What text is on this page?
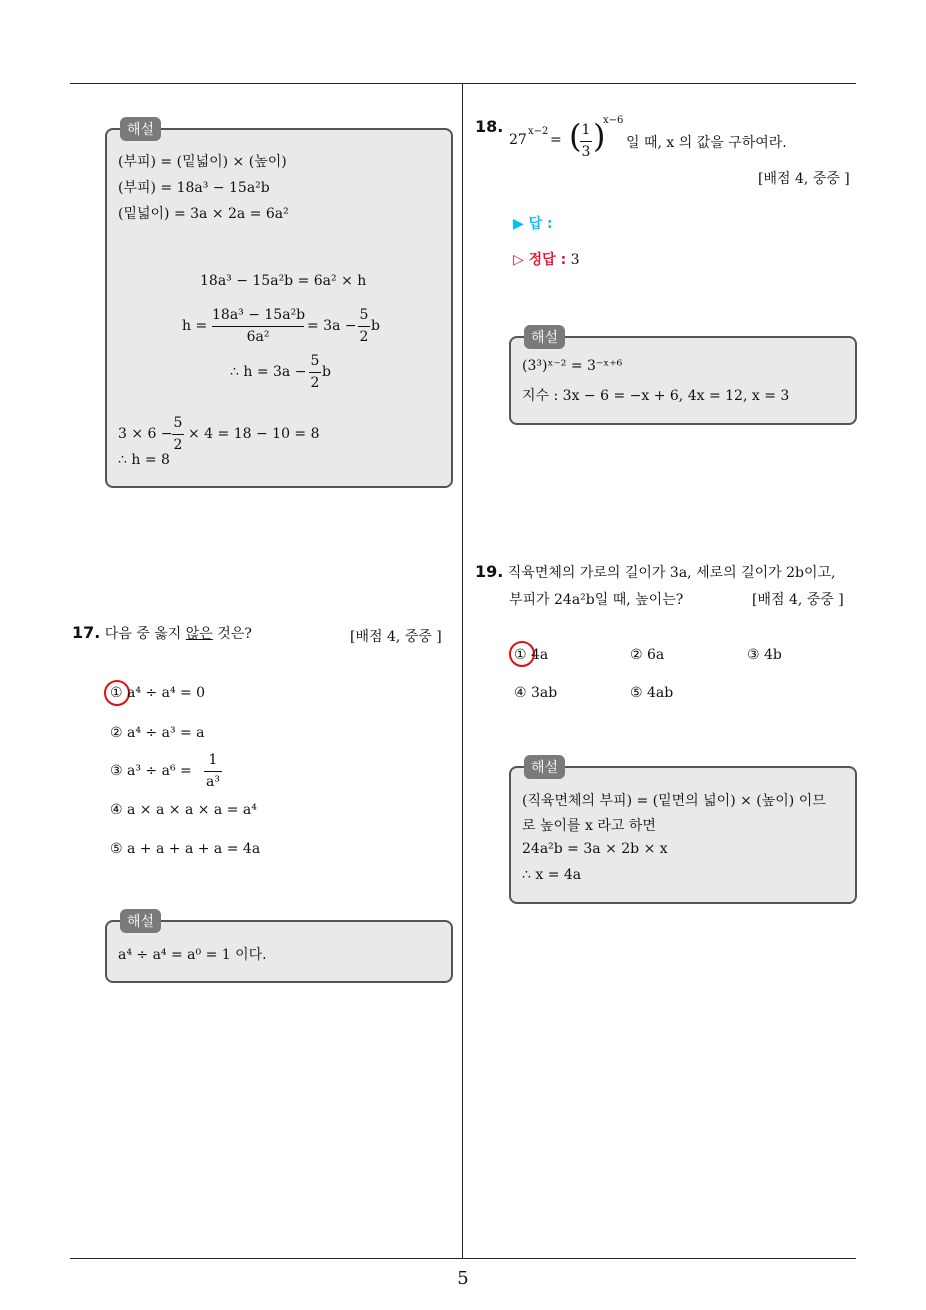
해설
(부피) = (밑넓이) × (높이)
(부피) = 18a³ − 15a²b
(밑넓이) = 3a × 2a = 6a²
18a³ − 15a²b = 6a² × h
h =
18a³ − 15a²b
6a²
= 3a −
5
2
b
∴ h = 3a −
5
2
b
3 × 6 −
5
2
× 4 = 18 − 10 = 8
∴ h = 8
17. 다음 중 옳지 않은 것은?	[배점 4, 중중 ]
① a⁴ ÷ a⁴ = 0
② a⁴ ÷ a³ = a
③ a³ ÷ a⁶ =
1
a³
④ a × a × a × a = a⁴
⑤ a + a + a + a = 4a
해설
a⁴ ÷ a⁴ = a⁰ = 1 이다.
18.
27
x−2
= ( 1
3 )
x−6
일 때, x 의 값을 구하여라.
[배점 4, 중중 ]
▶ 답 :
▷ 정답 : 3
해설
(3³)ˣ⁻² = 3⁻ˣ⁺⁶
지수 : 3x − 6 = −x + 6, 4x = 12, x = 3
19. 직육면체의 가로의 길이가 3a, 세로의 길이가 2b이고,
부피가 24a²b일 때, 높이는?	[배점 4, 중중 ]
① 4a	② 6a	③ 4b
④ 3ab	⑤ 4ab
해설
(직육면체의 부피) = (밑면의 넓이) × (높이) 이므
로 높이를 x 라고 하면
24a²b = 3a × 2b × x
∴ x = 4a
5
